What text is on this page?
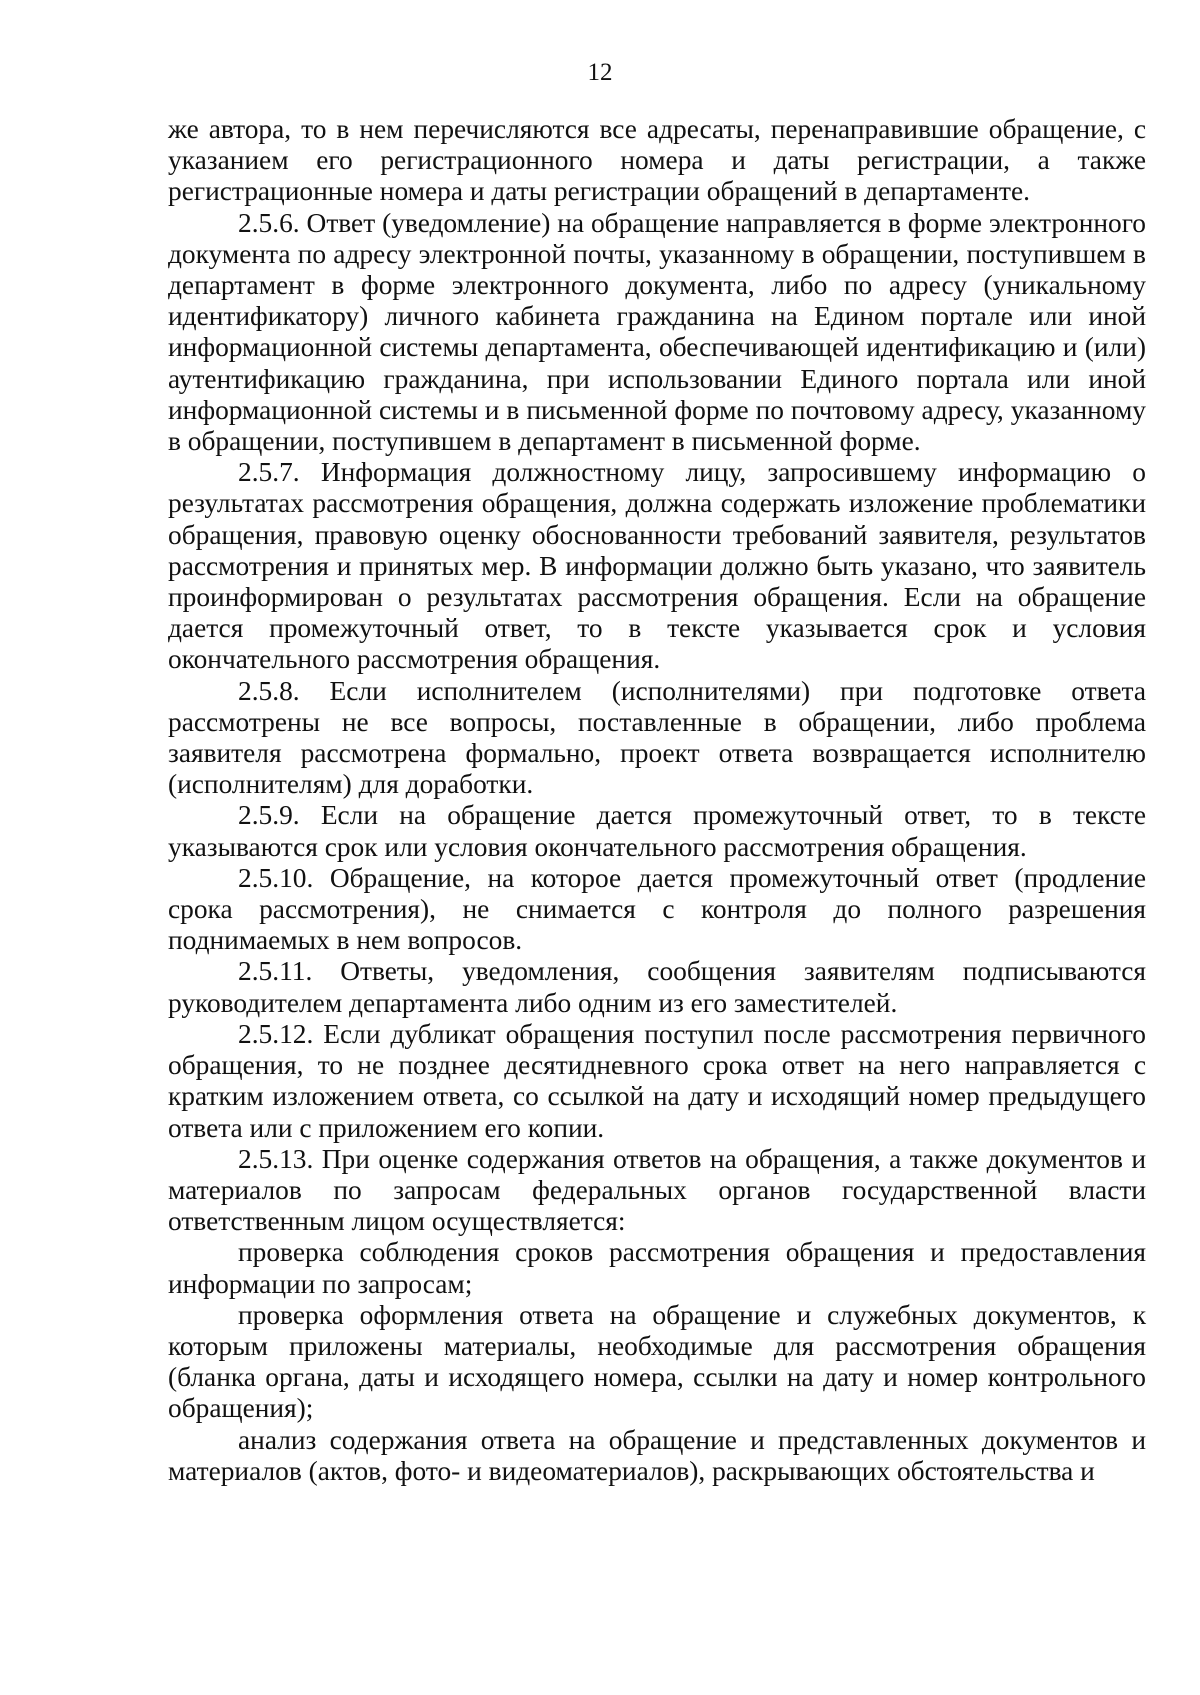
12

же автора, то в нем перечисляются все адресаты, перенаправившие обращение, с указанием его регистрационного номера и даты регистрации, а также регистрационные номера и даты регистрации обращений в департаменте.

2.5.6. Ответ (уведомление) на обращение направляется в форме электронного документа по адресу электронной почты, указанному в обращении, поступившем в департамент в форме электронного документа, либо по адресу (уникальному идентификатору) личного кабинета гражданина на Едином портале или иной информационной системы департамента, обеспечивающей идентификацию и (или) аутентификацию гражданина, при использовании Единого портала или иной информационной системы и в письменной форме по почтовому адресу, указанному в обращении, поступившем в департамент в письменной форме.

2.5.7. Информация должностному лицу, запросившему информацию о результатах рассмотрения обращения, должна содержать изложение проблематики обращения, правовую оценку обоснованности требований заявителя, результатов рассмотрения и принятых мер. В информации должно быть указано, что заявитель проинформирован о результатах рассмотрения обращения. Если на обращение дается промежуточный ответ, то в тексте указывается срок и условия окончательного рассмотрения обращения.

2.5.8. Если исполнителем (исполнителями) при подготовке ответа рассмотрены не все вопросы, поставленные в обращении, либо проблема заявителя рассмотрена формально, проект ответа возвращается исполнителю (исполнителям) для доработки.

2.5.9. Если на обращение дается промежуточный ответ, то в тексте указываются срок или условия окончательного рассмотрения обращения.

2.5.10. Обращение, на которое дается промежуточный ответ (продление срока рассмотрения), не снимается с контроля до полного разрешения поднимаемых в нем вопросов.

2.5.11. Ответы, уведомления, сообщения заявителям подписываются руководителем департамента либо одним из его заместителей.

2.5.12. Если дубликат обращения поступил после рассмотрения первичного обращения, то не позднее десятидневного срока ответ на него направляется с кратким изложением ответа, со ссылкой на дату и исходящий номер предыдущего ответа или с приложением его копии.

2.5.13. При оценке содержания ответов на обращения, а также документов и материалов по запросам федеральных органов государственной власти ответственным лицом осуществляется:

проверка соблюдения сроков рассмотрения обращения и предоставления информации по запросам;

проверка оформления ответа на обращение и служебных документов, к которым приложены материалы, необходимые для рассмотрения обращения (бланка органа, даты и исходящего номера, ссылки на дату и номер контрольного обращения);

анализ содержания ответа на обращение и представленных документов и материалов (актов, фото- и видеоматериалов), раскрывающих обстоятельства и
